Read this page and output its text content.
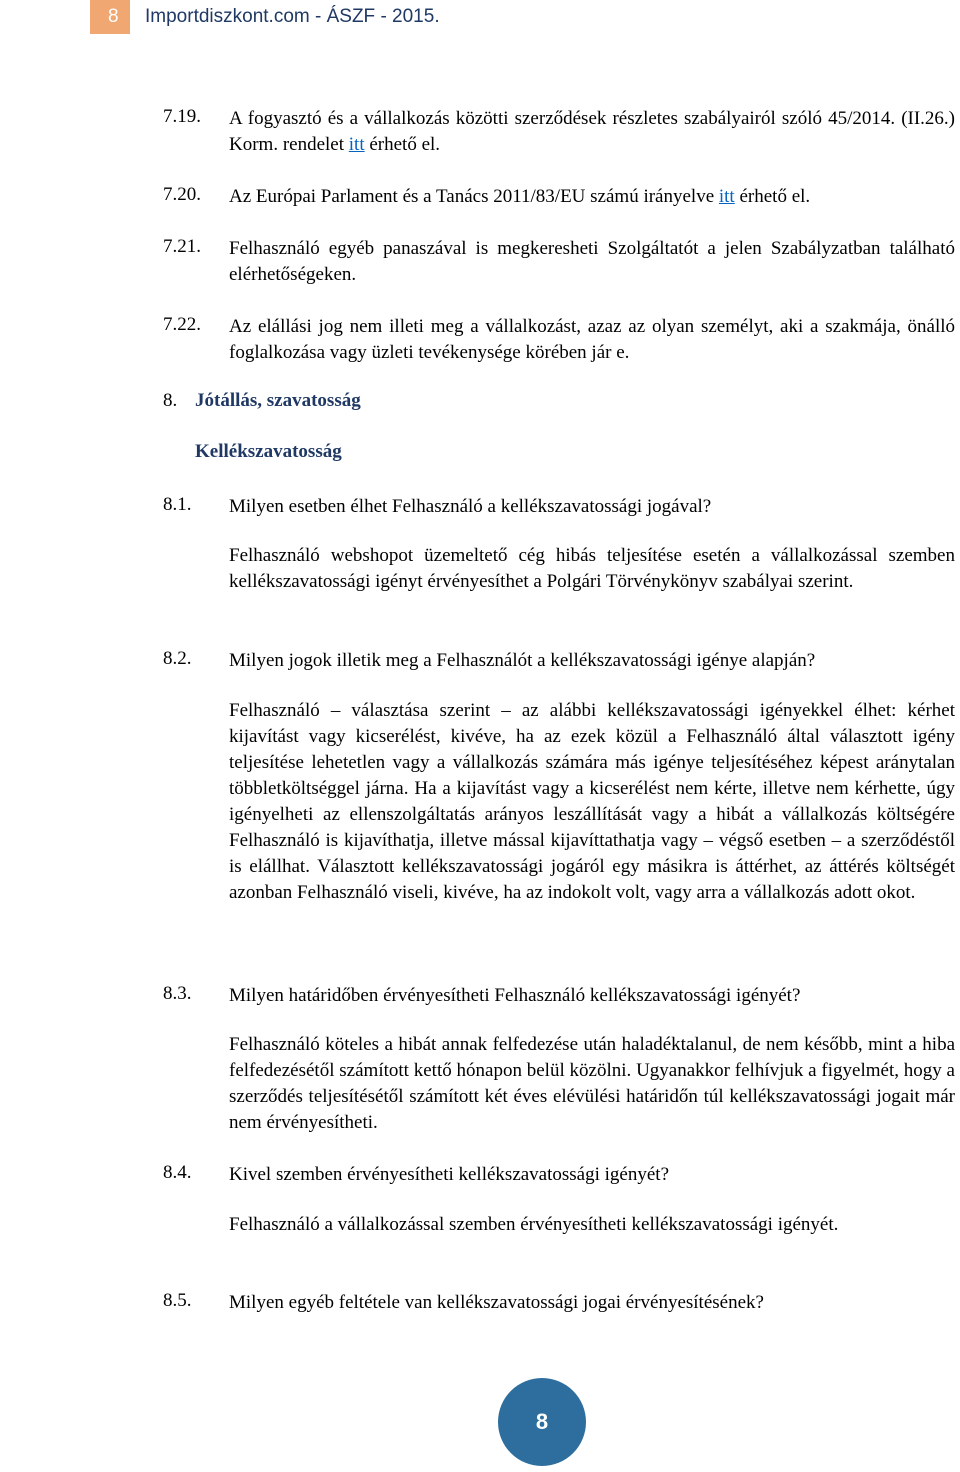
8	Importdiszkont.com - ÁSZF - 2015.
7.19. A fogyasztó és a vállalkozás közötti szerződések részletes szabályairól szóló 45/2014. (II.26.) Korm. rendelet itt érhető el.
7.20. Az Európai Parlament és a Tanács 2011/83/EU számú irányelve itt érhető el.
7.21. Felhasználó egyéb panaszával is megkeresheti Szolgáltatót a jelen Szabályzatban található elérhetőségeken.
7.22. Az elállási jog nem illeti meg a vállalkozást, azaz az olyan személyt, aki a szakmája, önálló foglalkozása vagy üzleti tevékenysége körében jár e.
8. Jótállás, szavatosság
Kellékszavatosság
8.1. Milyen esetben élhet Felhasználó a kellékszavatossági jogával?
Felhasználó webshopot üzemeltető cég hibás teljesítése esetén a vállalkozással szemben kellékszavatossági igényt érvényesíthet a Polgári Törvénykönyv szabályai szerint.
8.2. Milyen jogok illetik meg a Felhasználót a kellékszavatossági igénye alapján?
Felhasználó – választása szerint – az alábbi kellékszavatossági igényekkel élhet: kérhet kijavítást vagy kicserélést, kivéve, ha az ezek közül a Felhasználó által választott igény teljesítése lehetetlen vagy a vállalkozás számára más igénye teljesítéséhez képest aránytalan többletköltséggel járna. Ha a kijavítást vagy a kicserélést nem kérte, illetve nem kérhette, úgy igényelheti az ellenszolgáltatás arányos leszállítását vagy a hibát a vállalkozás költségére Felhasználó is kijavíthatja, illetve mással kijavíttathatja vagy – végső esetben – a szerződéstől is elállhat. Választott kellékszavatossági jogáról egy másikra is áttérhet, az áttérés költségét azonban Felhasználó viseli, kivéve, ha az indokolt volt, vagy arra a vállalkozás adott okot.
8.3. Milyen határidőben érvényesítheti Felhasználó kellékszavatossági igényét?
Felhasználó köteles a hibát annak felfedezése után haladéktalanul, de nem később, mint a hiba felfedezésétől számított kettő hónapon belül közölni. Ugyanakkor felhívjuk a figyelmét, hogy a szerződés teljesítésétől számított két éves elévülési határidőn túl kellékszavatossági jogait már nem érvényesítheti.
8.4. Kivel szemben érvényesítheti kellékszavatossági igényét?
Felhasználó a vállalkozással szemben érvényesítheti kellékszavatossági igényét.
8.5. Milyen egyéb feltétele van kellékszavatossági jogai érvényesítésének?
8
